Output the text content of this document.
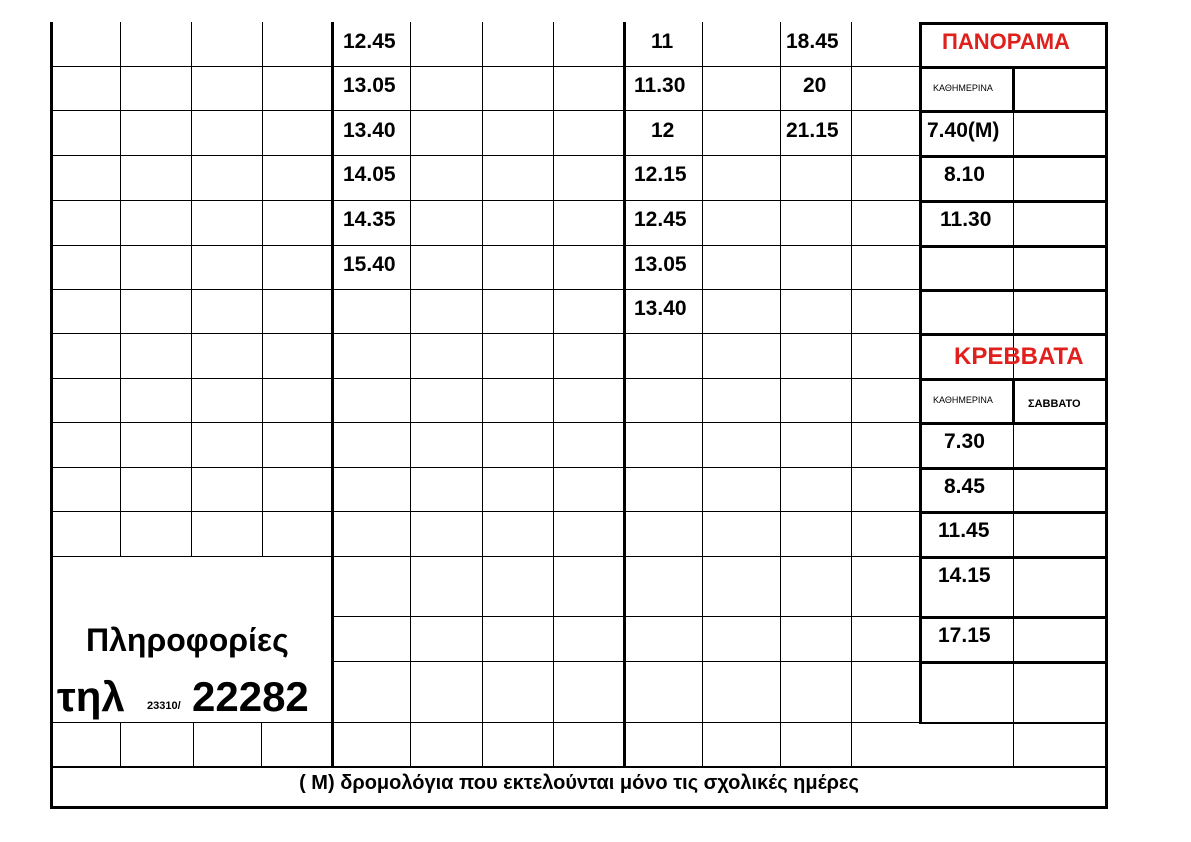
12.45
13.05
13.40
14.05
14.35
15.40
11
11.30
12
12.15
12.45
13.05
13.40
18.45
20
21.15
ΠΑΝΟΡΑΜΑ
ΚΑΘΗΜΕΡΙΝΑ
7.40(Μ)
8.10
11.30
ΚΡΕΒΒΑΤΑ
ΚΑΘΗΜΕΡΙΝΑ	ΣΑΒΒΑΤΟ
7.30
8.45
11.45
14.15
17.15
Πληροφορίες
τηλ 23310/ 22282
( Μ) δρομολόγια που εκτελούνται μόνο τις σχολικές ημέρες
